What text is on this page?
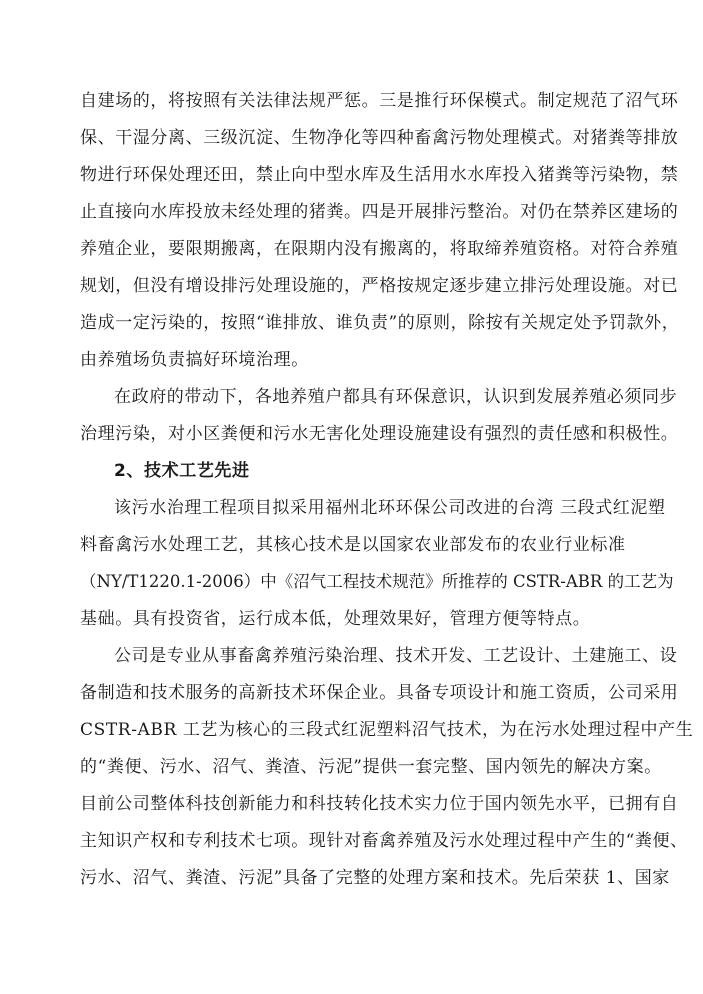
自建场的，将按照有关法律法规严惩。三是推行环保模式。制定规范了沼气环
保、干湿分离、三级沉淀、生物净化等四种畜禽污物处理模式。对猪粪等排放
物进行环保处理还田，禁止向中型水库及生活用水水库投入猪粪等污染物，禁
止直接向水库投放未经处理的猪粪。四是开展排污整治。对仍在禁养区建场的
养殖企业，要限期搬离，在限期内没有搬离的，将取缔养殖资格。对符合养殖
规划，但没有增设排污处理设施的，严格按规定逐步建立排污处理设施。对已
造成一定污染的，按照“谁排放、谁负责”的原则，除按有关规定处予罚款外，
由养殖场负责搞好环境治理。
在政府的带动下，各地养殖户都具有环保意识，认识到发展养殖必须同步
治理污染，对小区粪便和污水无害化处理设施建设有强烈的责任感和积极性。
2、技术工艺先进
该污水治理工程项目拟采用福州北环环保公司改进的台湾 三段式红泥塑
料畜禽污水处理工艺，其核心技术是以国家农业部发布的农业行业标准
（NY/T1220.1-2006）中《沼气工程技术规范》所推荐的 CSTR-ABR 的工艺为
基础。具有投资省，运行成本低，处理效果好，管理方便等特点。
公司是专业从事畜禽养殖污染治理、技术开发、工艺设计、土建施工、设
备制造和技术服务的高新技术环保企业。具备专项设计和施工资质，公司采用
CSTR-ABR 工艺为核心的三段式红泥塑料沼气技术，为在污水处理过程中产生
的“粪便、污水、沼气、粪渣、污泥”提供一套完整、国内领先的解决方案。
目前公司整体科技创新能力和科技转化技术实力位于国内领先水平，已拥有自
主知识产权和专利技术七项。现针对畜禽养殖及污水处理过程中产生的“粪便、
污水、沼气、粪渣、污泥”具备了完整的处理方案和技术。先后荣获 1、国家
